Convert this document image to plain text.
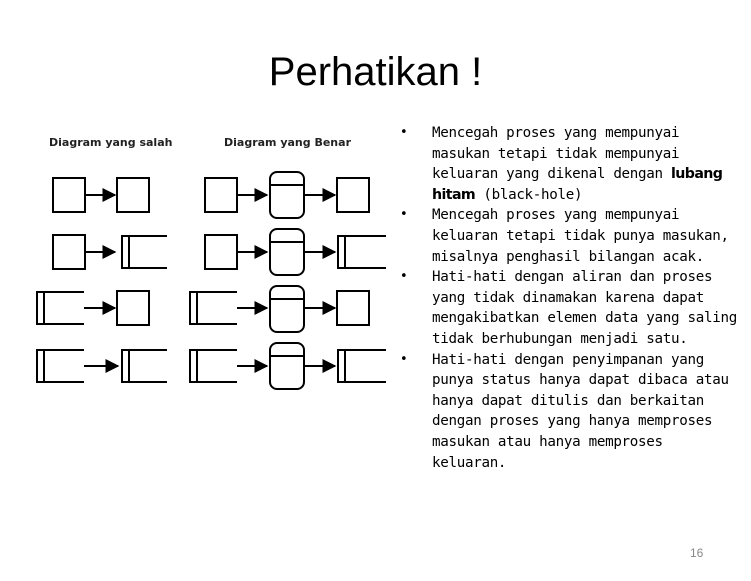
Perhatikan !
Diagram yang salah	Diagram yang Benar
• Mencegah proses yang mempunyai masukan tetapi tidak mempunyai keluaran yang dikenal dengan lubang hitam (black-hole)
• Mencegah proses yang mempunyai keluaran tetapi tidak punya masukan, misalnya penghasil bilangan acak.
• Hati-hati dengan aliran dan proses yang tidak dinamakan karena dapat mengakibatkan elemen data yang saling tidak berhubungan menjadi satu.
• Hati-hati dengan penyimpanan yang punya status hanya dapat dibaca atau hanya dapat ditulis dan berkaitan dengan proses yang hanya memproses masukan atau hanya memproses keluaran.
16
